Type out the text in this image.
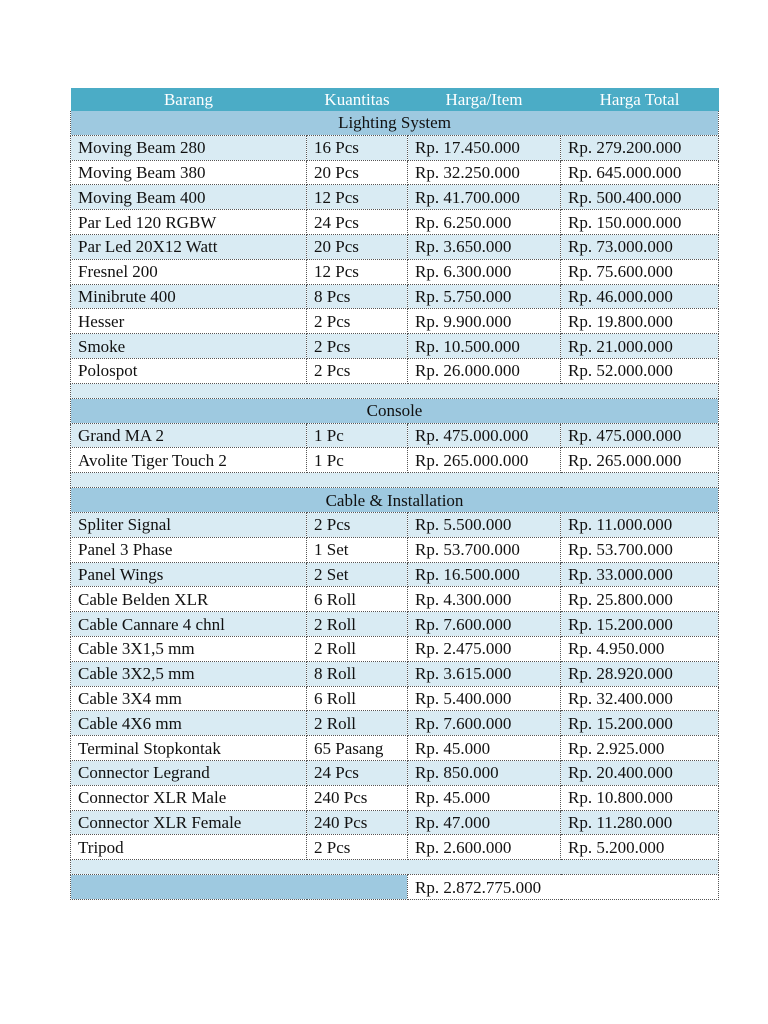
Barang	Kuantitas	Harga/Item	Harga Total
Lighting System			
Moving Beam 280	16 Pcs	Rp. 17.450.000	Rp. 279.200.000
Moving Beam 380	20 Pcs	Rp. 32.250.000	Rp. 645.000.000
Moving Beam 400	12 Pcs	Rp. 41.700.000	Rp. 500.400.000
Par Led 120 RGBW	24 Pcs	Rp. 6.250.000	Rp. 150.000.000
Par Led 20X12 Watt	20 Pcs	Rp. 3.650.000	Rp. 73.000.000
Fresnel 200	12 Pcs	Rp. 6.300.000	Rp. 75.600.000
Minibrute 400	8 Pcs	Rp. 5.750.000	Rp. 46.000.000
Hesser	2 Pcs	Rp. 9.900.000	Rp. 19.800.000
Smoke	2 Pcs	Rp. 10.500.000	Rp. 21.000.000
Polospot	2 Pcs	Rp. 26.000.000	Rp. 52.000.000

Console			
Grand MA 2	1 Pc	Rp. 475.000.000	Rp. 475.000.000
Avolite Tiger Touch 2	1 Pc	Rp. 265.000.000	Rp. 265.000.000

Cable & Installation			
Spliter Signal	2 Pcs	Rp. 5.500.000	Rp. 11.000.000
Panel 3 Phase	1 Set	Rp. 53.700.000	Rp. 53.700.000
Panel Wings	2 Set	Rp. 16.500.000	Rp. 33.000.000
Cable Belden XLR	6 Roll	Rp. 4.300.000	Rp. 25.800.000
Cable Cannare 4 chnl	2 Roll	Rp. 7.600.000	Rp. 15.200.000
Cable 3X1,5 mm	2 Roll	Rp. 2.475.000	Rp. 4.950.000
Cable 3X2,5 mm	8 Roll	Rp. 3.615.000	Rp. 28.920.000
Cable 3X4 mm	6 Roll	Rp. 5.400.000	Rp. 32.400.000
Cable 4X6 mm	2 Roll	Rp. 7.600.000	Rp. 15.200.000
Terminal Stopkontak	65 Pasang	Rp. 45.000	Rp. 2.925.000
Connector Legrand	24 Pcs	Rp. 850.000	Rp. 20.400.000
Connector XLR Male	240 Pcs	Rp. 45.000	Rp. 10.800.000
Connector XLR Female	240 Pcs	Rp. 47.000	Rp. 11.280.000
Tripod	2 Pcs	Rp. 2.600.000	Rp. 5.200.000

		Rp. 2.872.775.000	
